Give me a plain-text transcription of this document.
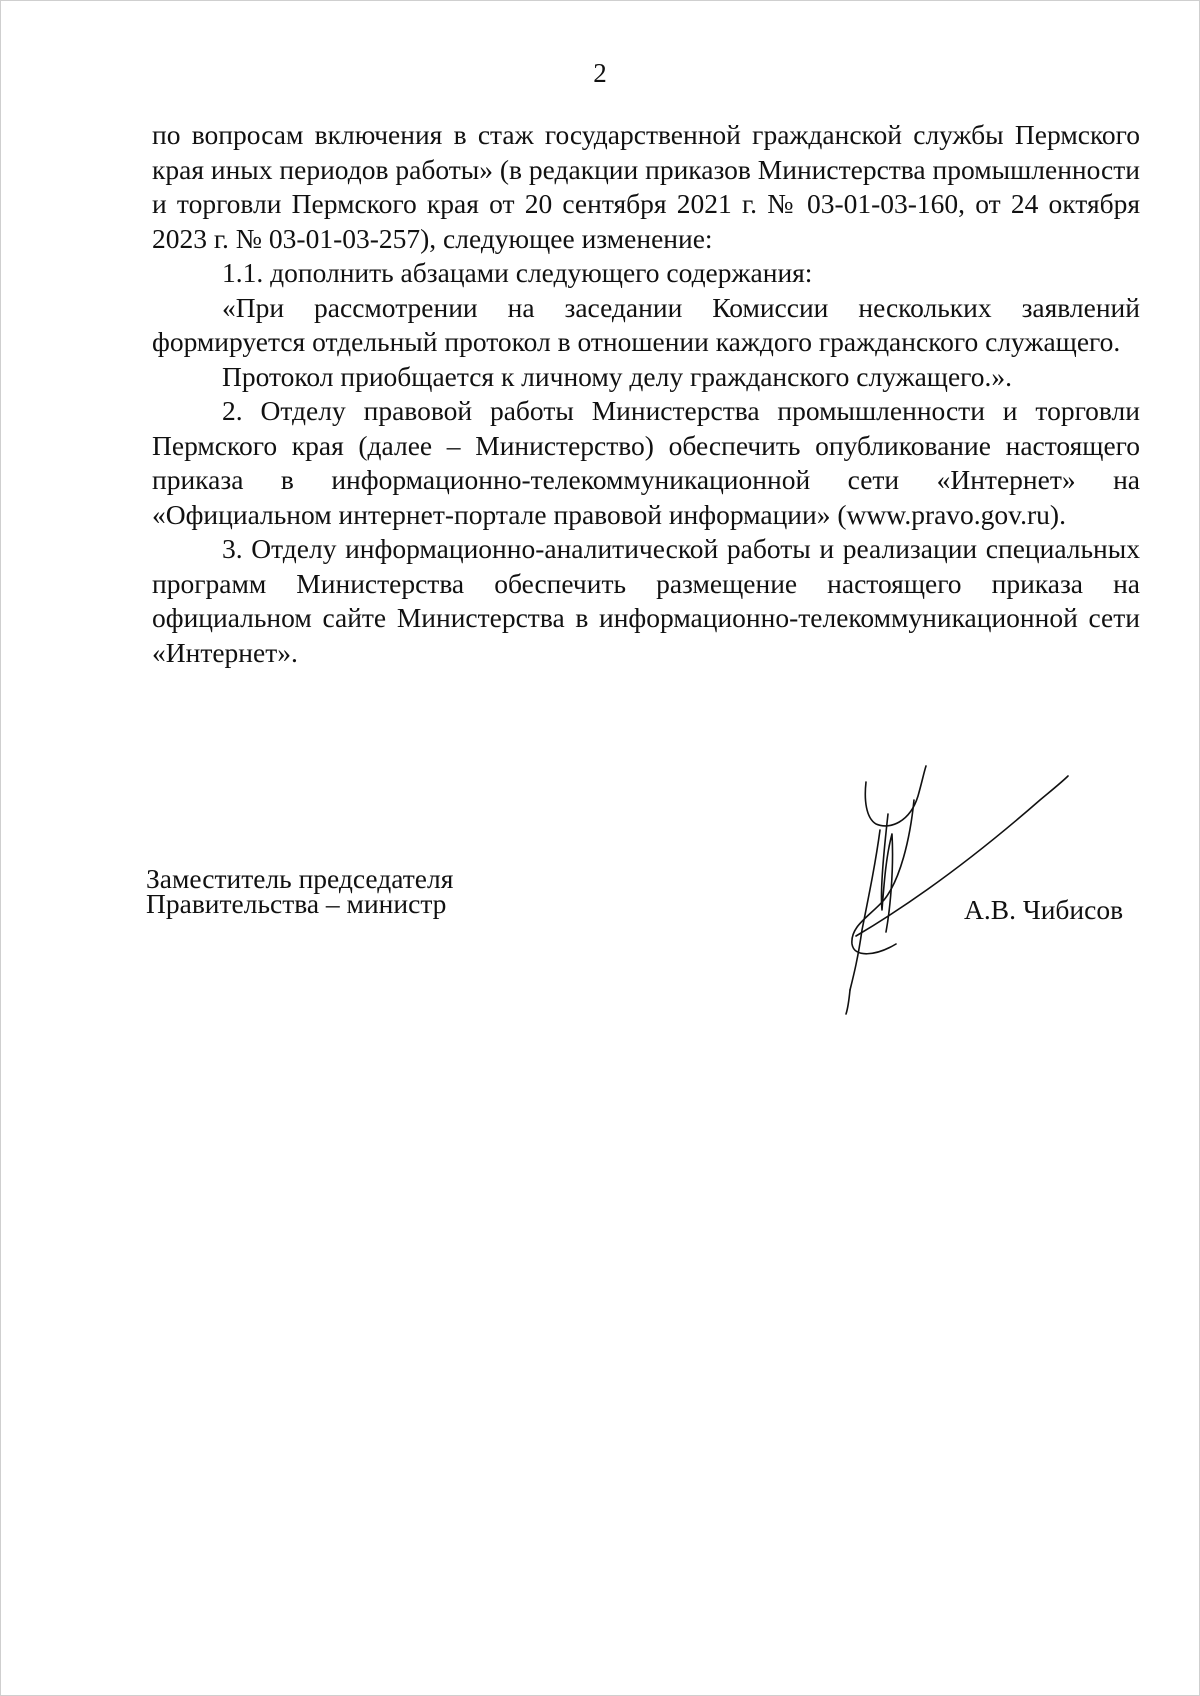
2

по вопросам включения в стаж государственной гражданской службы Пермского края иных периодов работы» (в редакции приказов Министерства промышленности и торговли Пермского края от 20 сентября 2021 г. № 03-01-03-160, от 24 октября 2023 г. № 03-01-03-257), следующее изменение:

1.1. дополнить абзацами следующего содержания:

«При рассмотрении на заседании Комиссии нескольких заявлений формируется отдельный протокол в отношении каждого гражданского служащего.

Протокол приобщается к личному делу гражданского служащего.».

2. Отделу правовой работы Министерства промышленности и торговли Пермского края (далее – Министерство) обеспечить опубликование настоящего приказа в информационно-телекоммуникационной сети «Интернет» на «Официальном интернет-портале правовой информации» (www.pravo.gov.ru).

3. Отделу информационно-аналитической работы и реализации специальных программ Министерства обеспечить размещение настоящего приказа на официальном сайте Министерства в информационно-телекоммуникационной сети «Интернет».

Заместитель председателя
Правительства – министр	А.В. Чибисов
